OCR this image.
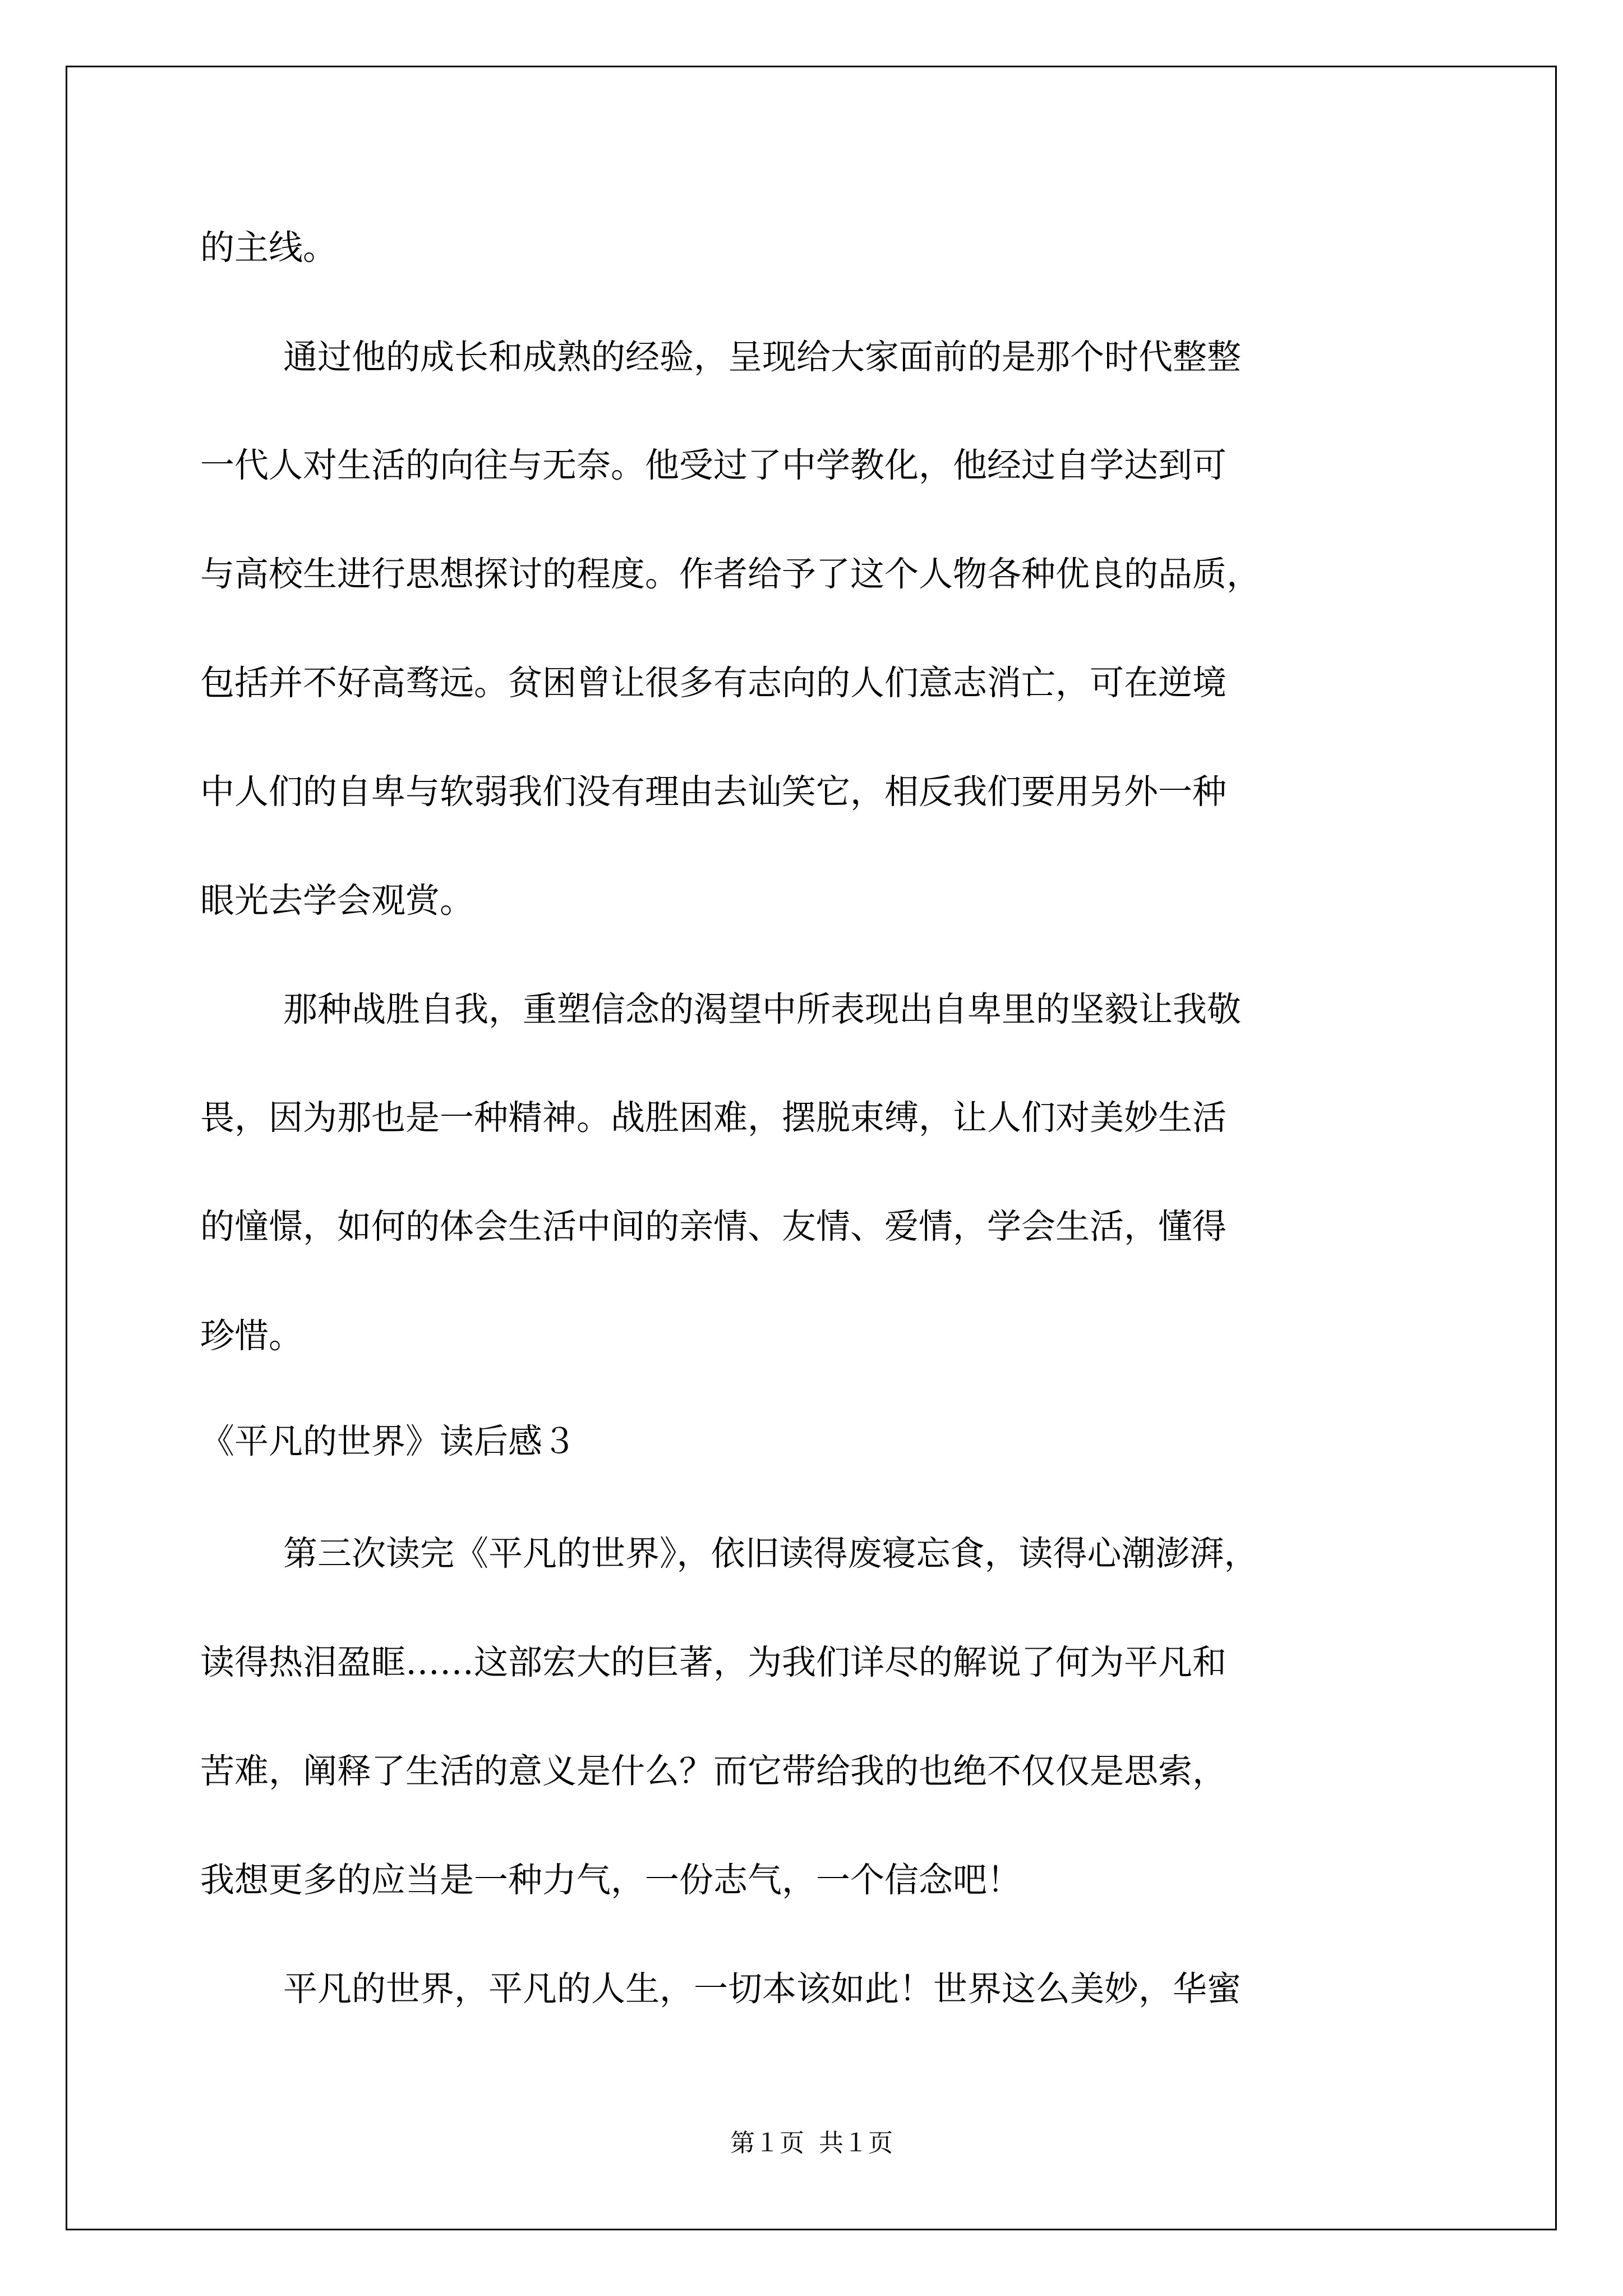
的主线。
通过他的成长和成熟的经验，呈现给大家面前的是那个时代整整
一代人对生活的向往与无奈。他受过了中学教化，他经过自学达到可
与高校生进行思想探讨的程度。作者给予了这个人物各种优良的品质，
包括并不好高骛远。贫困曾让很多有志向的人们意志消亡，可在逆境
中人们的自卑与软弱我们没有理由去讪笑它，相反我们要用另外一种
眼光去学会观赏。
那种战胜自我，重塑信念的渴望中所表现出自卑里的坚毅让我敬
畏，因为那也是一种精神。战胜困难，摆脱束缚，让人们对美妙生活
的憧憬，如何的体会生活中间的亲情、友情、爱情，学会生活，懂得
珍惜。
《平凡的世界》读后感３
第三次读完《平凡的世界》，依旧读得废寝忘食，读得心潮澎湃，
读得热泪盈眶……这部宏大的巨著，为我们详尽的解说了何为平凡和
苦难，阐释了生活的意义是什么？而它带给我的也绝不仅仅是思索，
我想更多的应当是一种力气，一份志气，一个信念吧！
平凡的世界，平凡的人生，一切本该如此！世界这么美妙，华蜜
第１页 共１页
